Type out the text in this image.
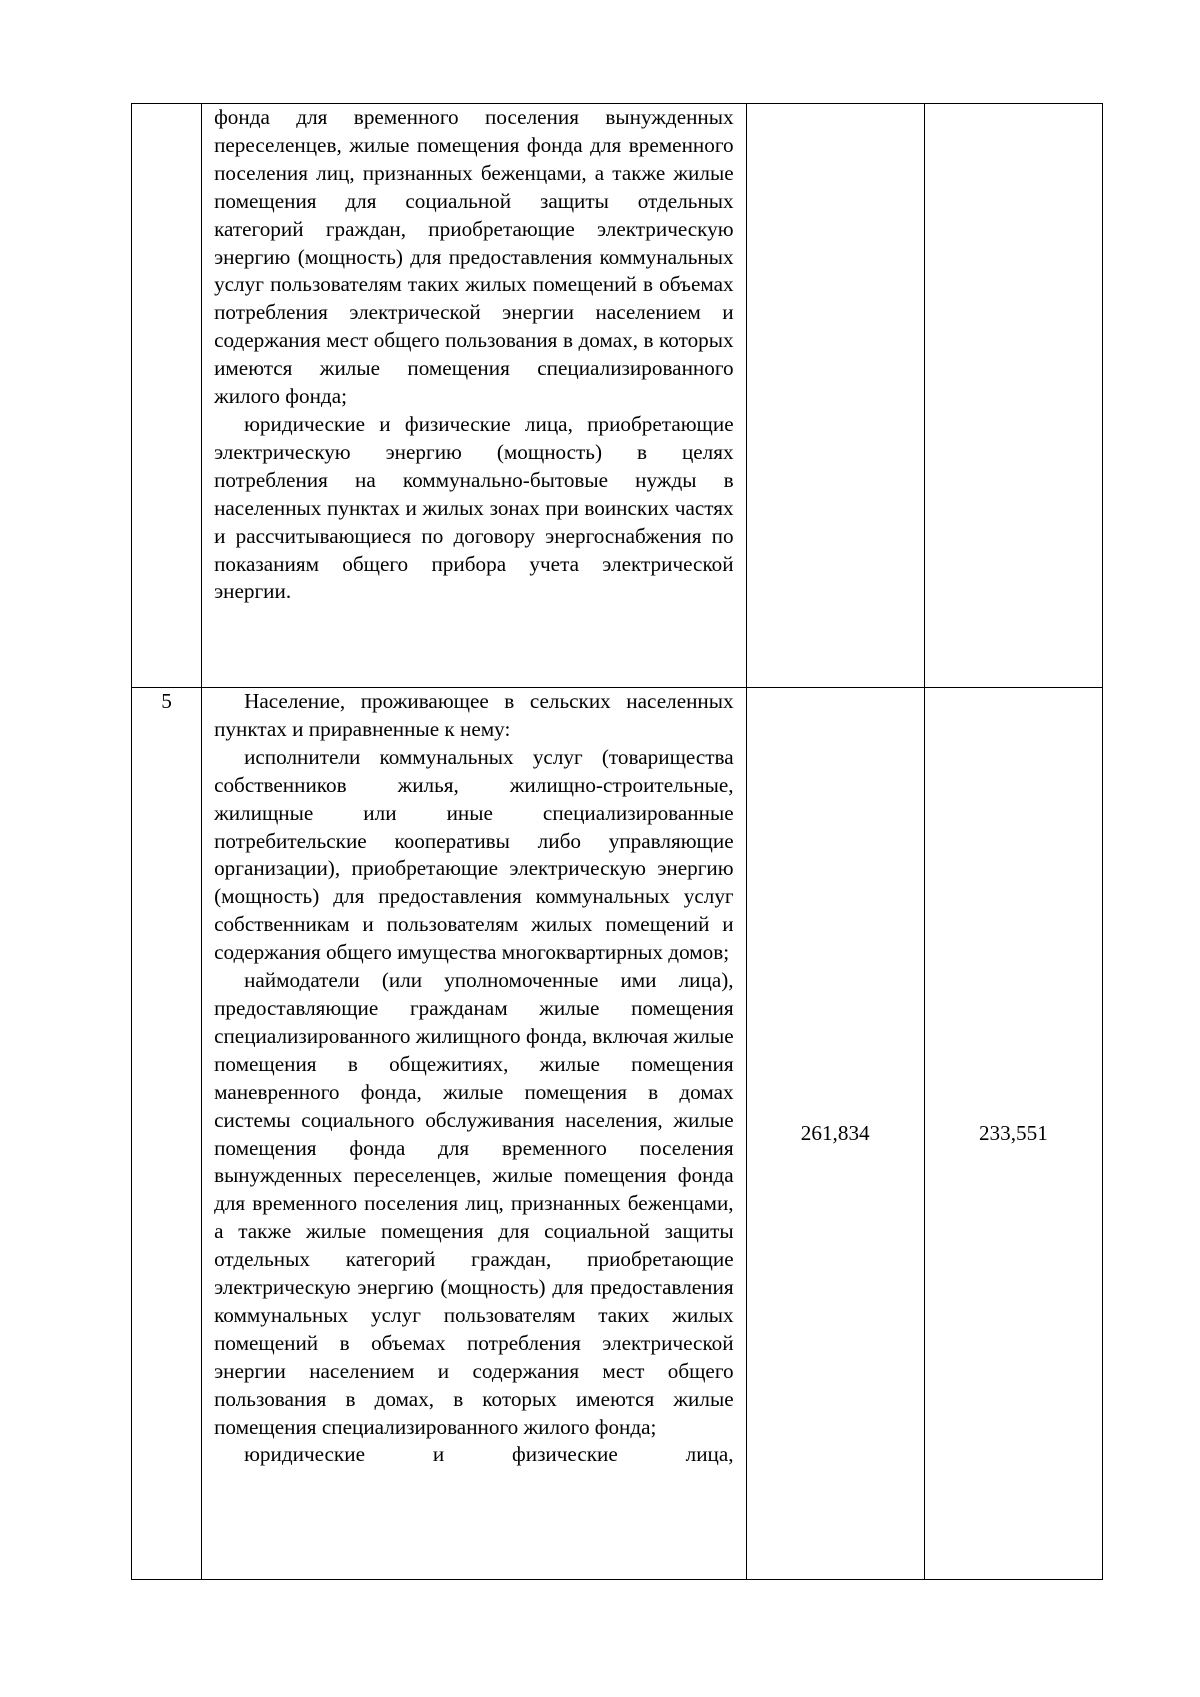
	фонда для временного поселения вынужденных переселенцев, жилые помещения фонда для временного поселения лиц, признанных беженцами, а также жилые помещения для социальной защиты отдельных категорий граждан, приобретающие электрическую энергию (мощность) для предоставления коммунальных услуг пользователям таких жилых помещений в объемах потребления электрической энергии населением и содержания мест общего пользования в домах, в которых имеются жилые помещения специализированного жилого фонда;

юридические и физические лица, приобретающие электрическую энергию (мощность) в целях потребления на коммунально-бытовые нужды в населенных пунктах и жилых зонах при воинских частях и рассчитывающиеся по договору энергоснабжения по показаниям общего прибора учета электрической энергии.		

5	Население, проживающее в сельских населенных пунктах и приравненные к нему:

исполнители коммунальных услуг (товарищества собственников жилья, жилищно-строительные, жилищные или иные специализированные потребительские кооперативы либо управляющие организации), приобретающие электрическую энергию (мощность) для предоставления коммунальных услуг собственникам и пользователям жилых помещений и содержания общего имущества многоквартирных домов;

наймодатели (или уполномоченные ими лица), предоставляющие гражданам жилые помещения специализированного жилищного фонда, включая жилые помещения в общежитиях, жилые помещения маневренного фонда, жилые помещения в домах системы социального обслуживания населения, жилые помещения фонда для временного поселения вынужденных переселенцев, жилые помещения фонда для временного поселения лиц, признанных беженцами, а также жилые помещения для социальной защиты отдельных категорий граждан, приобретающие электрическую энергию (мощность) для предоставления коммунальных услуг пользователям таких жилых помещений в объемах потребления электрической энергии населением и содержания мест общего пользования в домах, в которых имеются жилые помещения специализированного жилого фонда;

юридические и физические лица,	261,834	233,551
